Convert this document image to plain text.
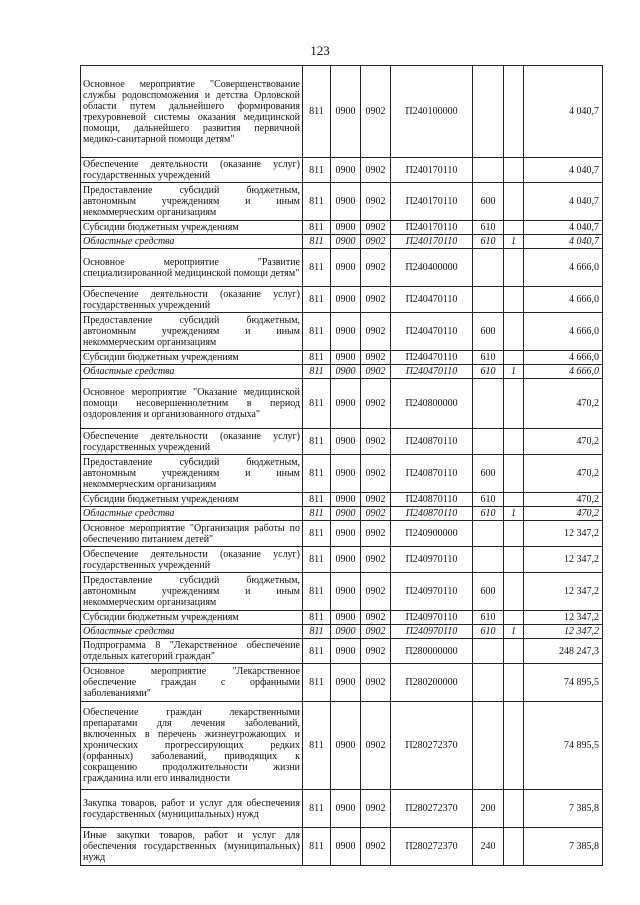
123
Основное мероприятие "Совершенствование службы родовспоможения и детства Орловской области путем дальнейшего формирования трехуровневой системы оказания медицинской помощи, дальнейшего развития первичной медико-санитарной помощи детям"	811	0900	0902	П240100000			4 040,7
Обеспечение деятельности (оказание услуг) государственных учреждений	811	0900	0902	П240170110			4 040,7
Предоставление субсидий бюджетным, автономным учреждениям и иным некоммерческим организациям	811	0900	0902	П240170110	600		4 040,7
Субсидии бюджетным учреждениям	811	0900	0902	П240170110	610		4 040,7
Областные средства	811	0900	0902	П240170110	610	1	4 040,7
Основное мероприятие "Развитие специализированной медицинской помощи детям"	811	0900	0902	П240400000			4 666,0
Обеспечение деятельности (оказание услуг) государственных учреждений	811	0900	0902	П240470110			4 666,0
Предоставление субсидий бюджетным, автономным учреждениям и иным некоммерческим организациям	811	0900	0902	П240470110	600		4 666,0
Субсидии бюджетным учреждениям	811	0900	0902	П240470110	610		4 666,0
Областные средства	811	0900	0902	П240470110	610	1	4 666,0
Основное мероприятие "Оказание медицинской помощи несовершеннолетним в период оздоровления и организованного отдыха"	811	0900	0902	П240800000			470,2
Обеспечение деятельности (оказание услуг) государственных учреждений	811	0900	0902	П240870110			470,2
Предоставление субсидий бюджетным, автономным учреждениям и иным некоммерческим организациям	811	0900	0902	П240870110	600		470,2
Субсидии бюджетным учреждениям	811	0900	0902	П240870110	610		470,2
Областные средства	811	0900	0902	П240870110	610	1	470,2
Основное мероприятие "Организация работы по обеспечению питанием детей"	811	0900	0902	П240900000			12 347,2
Обеспечение деятельности (оказание услуг) государственных учреждений	811	0900	0902	П240970110			12 347,2
Предоставление субсидий бюджетным, автономным учреждениям и иным некоммерческим организациям	811	0900	0902	П240970110	600		12 347,2
Субсидии бюджетным учреждениям	811	0900	0902	П240970110	610		12 347,2
Областные средства	811	0900	0902	П240970110	610	1	12 347,2
Подпрограмма 8 "Лекарственное обеспечение отдельных категорий граждан"	811	0900	0902	П280000000			248 247,3
Основное мероприятие "Лекарственное обеспечение граждан с орфанными заболеваниями"	811	0900	0902	П280200000			74 895,5
Обеспечение граждан лекарственными препаратами для лечения заболеваний, включенных в перечень жизнеугрожающих и хронических прогрессирующих редких (орфанных) заболеваний, приводящих к сокращению продолжительности жизни гражданина или его инвалидности	811	0900	0902	П280272370			74 895,5
Закупка товаров, работ и услуг для обеспечения государственных (муниципальных) нужд	811	0900	0902	П280272370	200		7 385,8
Иные закупки товаров, работ и услуг для обеспечения государственных (муниципальных) нужд	811	0900	0902	П280272370	240		7 385,8
